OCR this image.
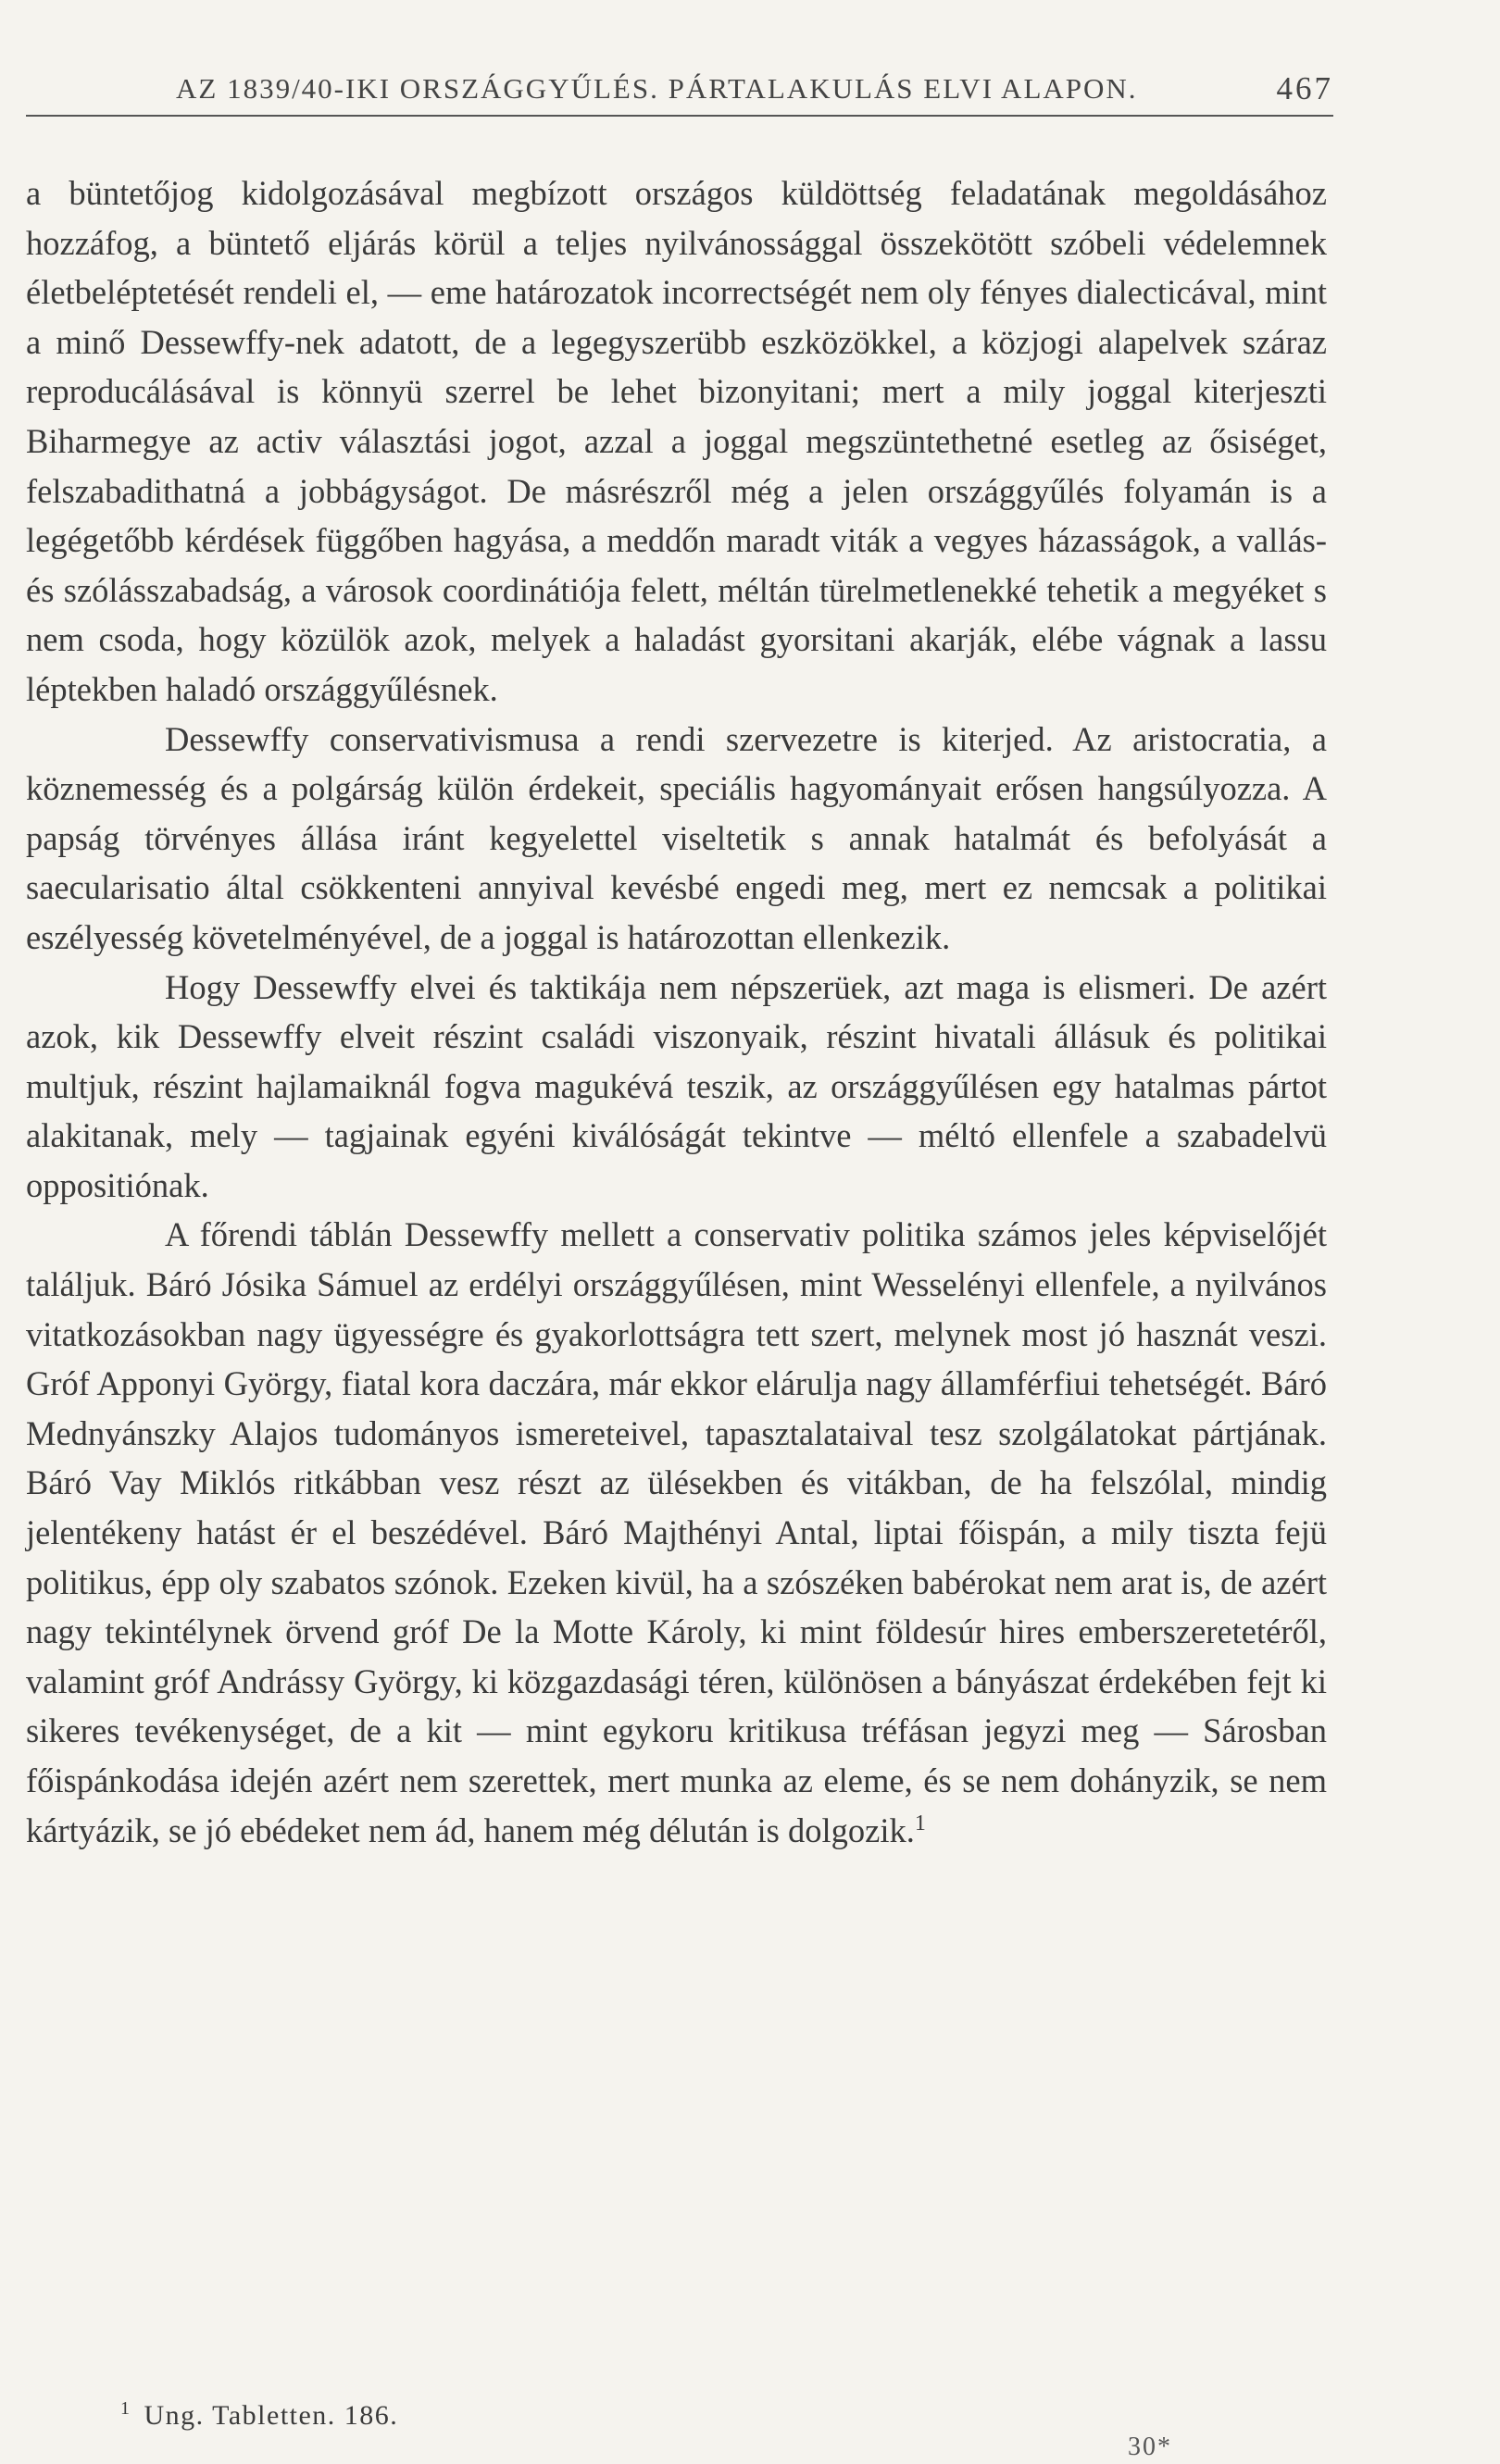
AZ 1839/40-IKI ORSZÁGGYŰLÉS. PÁRTALAKULÁS ELVI ALAPON.	467

a büntetőjog kidolgozásával megbízott országos küldöttség feladatának megoldásához hozzáfog, a büntető eljárás körül a teljes nyilvánossággal összekötött szóbeli védelemnek életbeléptetését rendeli el, — eme határozatok incorrectségét nem oly fényes dialecticával, mint a minő Dessewffy-nek adatott, de a legegyszerübb eszközökkel, a közjogi alapelvek száraz reproducálásával is könnyü szerrel be lehet bizonyitani; mert a mily joggal kiterjeszti Biharmegye az activ választási jogot, azzal a joggal megszüntethetné esetleg az ősiséget, felszabadithatná a jobbágyságot. De másrészről még a jelen országgyűlés folyamán is a legégetőbb kérdések függőben hagyása, a meddőn maradt viták a vegyes házasságok, a vallás- és szólásszabadság, a városok coordinátiója felett, méltán türelmetlenekké tehetik a megyéket s nem csoda, hogy közülök azok, melyek a haladást gyorsitani akarják, elébe vágnak a lassu léptekben haladó országgyűlésnek.

Dessewffy conservativismusa a rendi szervezetre is kiterjed. Az aristocratia, a köznemesség és a polgárság külön érdekeit, speciális hagyományait erősen hangsúlyozza. A papság törvényes állása iránt kegyelettel viseltetik s annak hatalmát és befolyását a saecularisatio által csökkenteni annyival kevésbé engedi meg, mert ez nemcsak a politikai eszélyesség követelményével, de a joggal is határozottan ellenkezik.

Hogy Dessewffy elvei és taktikája nem népszerüek, azt maga is elismeri. De azért azok, kik Dessewffy elveit részint családi viszonyaik, részint hivatali állásuk és politikai multjuk, részint hajlamaiknál fogva magukévá teszik, az országgyűlésen egy hatalmas pártot alakitanak, mely — tagjainak egyéni kiválóságát tekintve — méltó ellenfele a szabadelvü oppositiónak.

A főrendi táblán Dessewffy mellett a conservativ politika számos jeles képviselőjét találjuk. Báró Jósika Sámuel az erdélyi országgyűlésen, mint Wesselényi ellenfele, a nyilvános vitatkozásokban nagy ügyességre és gyakorlottságra tett szert, melynek most jó hasznát veszi. Gróf Apponyi György, fiatal kora daczára, már ekkor elárulja nagy államférfiui tehetségét. Báró Mednyánszky Alajos tudományos ismereteivel, tapasztalataival tesz szolgálatokat pártjának. Báró Vay Miklós ritkábban vesz részt az ülésekben és vitákban, de ha felszólal, mindig jelentékeny hatást ér el beszédével. Báró Majthényi Antal, liptai főispán, a mily tiszta fejü politikus, épp oly szabatos szónok. Ezeken kivül, ha a szószéken babérokat nem arat is, de azért nagy tekintélynek örvend gróf De la Motte Károly, ki mint földesúr hires emberszeretetéről, valamint gróf Andrássy György, ki közgazdasági téren, különösen a bányászat érdekében fejt ki sikeres tevékenységet, de a kit — mint egykoru kritikusa tréfásan jegyzi meg — Sárosban főispánkodása idején azért nem szerettek, mert munka az eleme, és se nem dohányzik, se nem kártyázik, se jó ebédeket nem ád, hanem még délután is dolgozik.$^1$

$^1$ Ung. Tabletten. 186.
30*
